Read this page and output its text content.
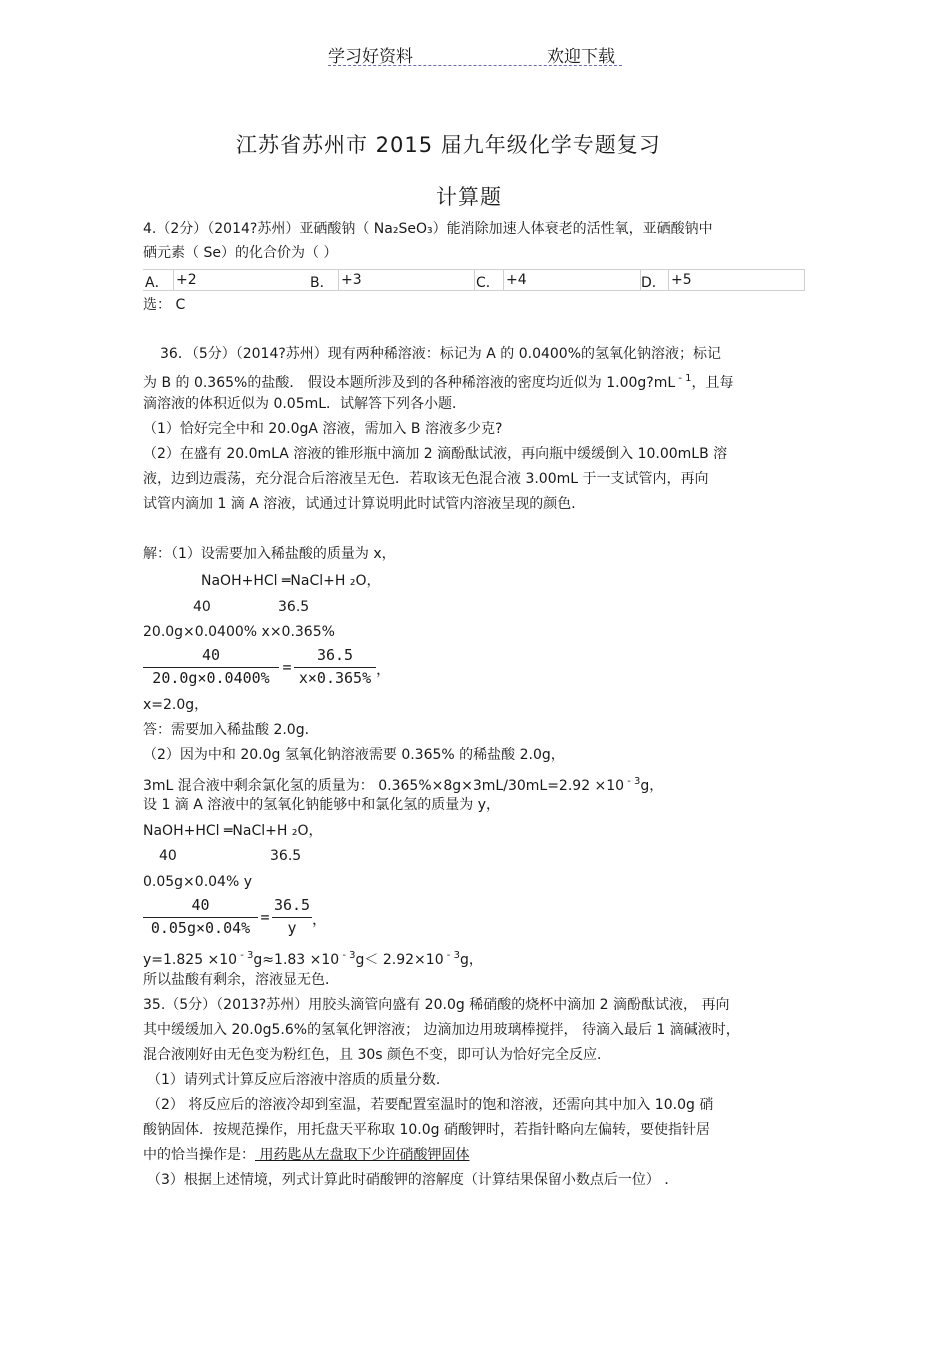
学习好资料	欢迎下载
江苏省苏州市 2015 届九年级化学专题复习
计算题
4.（2分）（2014?苏州）亚硒酸钠（ Na₂SeO₃）能消除加速人体衰老的活性氧，亚硒酸钠中
硒元素（ Se）的化合价为（ ）
A． +2	B． +3	C． +4	D． +5
选： C
36．（5分）（2014?苏州）现有两种稀溶液：标记为 A 的 0.0400%的氢氧化钠溶液；标记
为 B 的 0.365%的盐酸． 假设本题所涉及到的各种稀溶液的密度均近似为 1.00g?mL $^{- 1}$，且每
滴溶液的体积近似为 0.05mL．试解答下列各小题．
（1）恰好完全中和 20.0gA 溶液，需加入 B 溶液多少克?
（2）在盛有 20.0mLA 溶液的锥形瓶中滴加 2 滴酚酞试液，再向瓶中缓缓倒入 10.00mLB 溶
液，边到边震荡，充分混合后溶液呈无色．若取该无色混合液 3.00mL 于一支试管内，再向
试管内滴加 1 滴 A 溶液，试通过计算说明此时试管内溶液呈现的颜色．
解：（1）设需要加入稀盐酸的质量为 x，
NaOH+HCl ═NaCl+H ₂O，
40	36.5
20.0g×0.0400% x×0.365%
40
20.0g×0.0400%
=
36.5
x×0.365% ，
x=2.0g，
答：需要加入稀盐酸 2.0g．
（2）因为中和 20.0g 氢氧化钠溶液需要 0.365% 的稀盐酸 2.0g，
3mL 混合液中剩余氯化氢的质量为： 0.365%×8g×3mL/30mL=2.92 ×10 $^{- 3}$g，
设 1 滴 A 溶液中的氢氧化钠能够中和氯化氢的质量为 y，
NaOH+HCl ═NaCl+H ₂O，
40	36.5
0.05g×0.04% y
40
0.05g×0.04%
=
36.5
y	，
y=1.825 ×10 $^{- 3}$g≈1.83 ×10 $^{- 3}$g＜ 2.92×10 $^{- 3}$g，
所以盐酸有剩余，溶液显无色．
35.（5分）（2013?苏州）用胶头滴管向盛有 20.0g 稀硝酸的烧杯中滴加 2 滴酚酞试液， 再向
其中缓缓加入 20.0g5.6%的氢氧化钾溶液； 边滴加边用玻璃棒搅拌， 待滴入最后 1 滴碱液时，
混合液刚好由无色变为粉红色，且 30s 颜色不变，即可认为恰好完全反应．
（1）请列式计算反应后溶液中溶质的质量分数．
（2） 将反应后的溶液冷却到室温，若要配置室温时的饱和溶液，还需向其中加入 10.0g 硝
酸钠固体．按规范操作，用托盘天平称取 10.0g 硝酸钾时，若指针略向左偏转，要使指针居
中的恰当操作是： 用药匙从左盘取下少许硝酸钾固体
（3）根据上述情境，列式计算此时硝酸钾的溶解度（计算结果保留小数点后一位） ．
